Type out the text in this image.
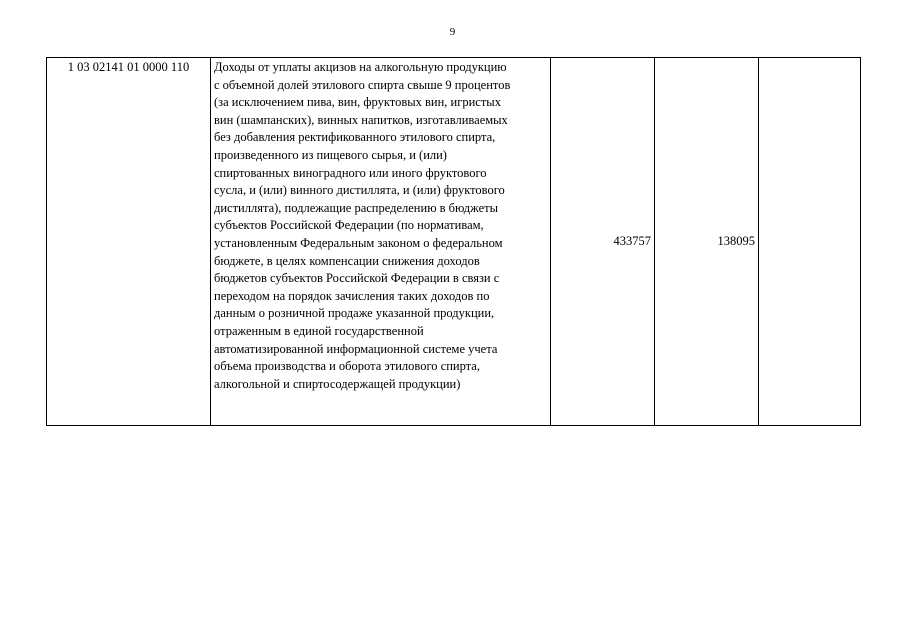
9
1 03 02141 01 0000 110	Доходы от уплаты акцизов на алкогольную продукцию
с объемной долей этилового спирта свыше 9 процентов
(за исключением пива, вин, фруктовых вин, игристых
вин (шампанских), винных напитков, изготавливаемых
без добавления ректификованного этилового спирта,
произведенного из пищевого сырья, и (или)
спиртованных виноградного или иного фруктового
сусла, и (или) винного дистиллята, и (или) фруктового
дистиллята), подлежащие распределению в бюджеты
субъектов Российской Федерации (по нормативам,
установленным Федеральным законом о федеральном
бюджете, в целях компенсации снижения доходов
бюджетов субъектов Российской Федерации в связи с
переходом на порядок зачисления таких доходов по
данным о розничной продаже указанной продукции,
отраженным в единой государственной
автоматизированной информационной системе учета
объема производства и оборота этилового спирта,
алкогольной и спиртосодержащей продукции)
	433757	138095	
